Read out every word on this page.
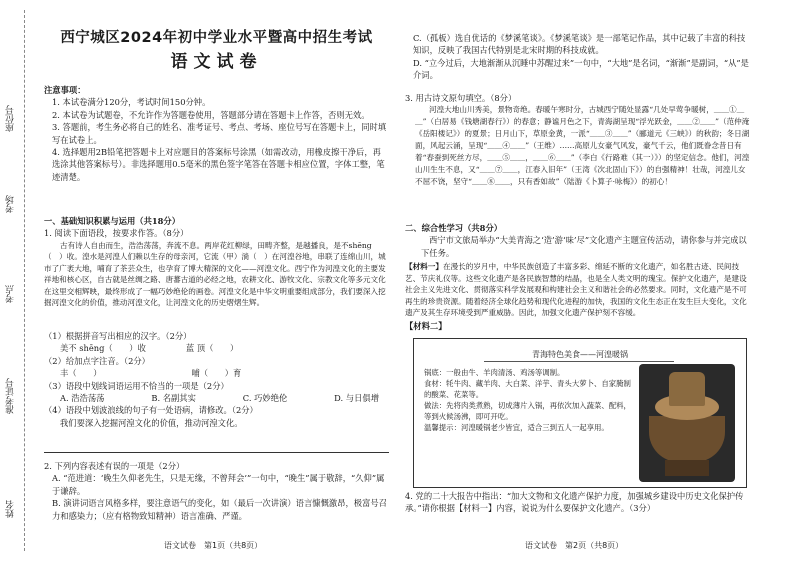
座位号
考场
考点
准考证号
姓名
西宁城区2024年初中学业水平暨高中招生考试
语文试卷

注意事项：

1. 本试卷满分120分，考试时间150分钟。

2. 本试卷为试题卷，不允许作为答题卷使用，答题部分请在答题卡上作答，否则无效。

3. 答题前，考生务必将自己的姓名、准考证号、考点、考场、座位号写在答题卡上，同时填写在试卷上。

4. 选择题用2B铅笔把答题卡上对应题目的答案标号涂黑（如需改动，用橡皮擦干净后，再选涂其他答案标号）。非选择题用0.5毫米的黑色签字笔答在答题卡相应位置，字体工整，笔迹清楚。

一、基础知识积累与运用（共18分）

1. 阅读下面语段，按要求作答。（8分）

古有诗人自由而生，浩浩荡荡，奔流不息。两岸花红柳绿，田畴齐整，是越播良，是不shēng（　）收。湟水是河湟人们赖以生存的母亲河，它流（甲）淌（　）在河湟谷地，串联了连绵山川，城市了广袤大地，哺育了茶芸众生，也孕育了博大精深的文化——河湟文化。西宁作为河湟文化的主要发祥地和核心区，自古就是丝绸之路、唐蕃古道的必经之地，农耕文化、游牧文化、宗教文化等多元文化在这里交相辉映，最终形成了一幅巧妙绝伦的画卷。河湟文化是中华文明重要组成部分，我们要深入挖掘河湟文化的价值，推动河湟文化，让河湟文化的历史熠熠生辉。

（1）根据拼音写出相应的汉字。（2分）

美不 shēng（　　）收	蓝 顶（　　）

（2）给加点字注音。（2分）

丰（　　）	哺（　　）育

（3）语段中划线词语运用不恰当的一项是（2分）

A. 浩浩荡荡	B. 名副其实	C. 巧妙绝伦	D. 与日俱增

（4）语段中划波浪线的句子有一处语病，请修改。（2分）

我们要深入挖掘河湟文化的价值，推动河湟文化。

2. 下列内容表述有误的一项是（2分）

A. “范进道：‘晚生久仰老先生，只是无缘，不曾拜会’”一句中，“晚生”属于敬辞，“久仰”属于谦辞。

B. 演讲词语言风格多样，要注意语气的变化，如（最后一次讲演）语言慷慨激昂，极富号召力和感染力；（应有格物致知精神）语言准确、严谨。

语文试卷　第1页（共8页）

C.（孤板）选自优话的《梦溪笔谈》。《梦溪笔谈》是一部笔记作品，其中记载了丰富的科技知识，反映了我国古代特别是北宋时期的科技成就。

D. “立今过后，大地渐渐从沉睡中苏醒过来”一句中，“大地”是名词，“渐渐”是副词，“从”是介词。

3. 用古诗文原句填空。（8分）

河湟大地山川秀美，景物奇绝。春暖午寒时分，古城西宁随处显露“几处早莺争暖树，＿＿①＿＿”（白居易《钱塘湖春行》）的春意；静谧月色之下，青海湖呈现“浮光跃金，＿＿②＿＿”（范仲淹《岳阳楼记》）的夏景；日月山下，草原金黄，一派“＿＿③＿＿”（郦道元《三峡》）的秋韵；冬日湖面，风起云涌，呈现“＿＿④＿＿”（王维）……高原儿女豪气风发，豪气千云，他们既眷念昔日有着“春蚕到死丝方尽，＿＿⑤＿＿，＿＿⑥＿＿”（李白《行路难（其一）》）的坚定信念。他们，河湟山川生生不息，又“＿＿⑦＿＿，江春入旧年”（王湾《次北固山下》）的自强精神！壮哉，河湟儿女不屈不饶，坚守“＿＿⑧＿＿，只有香如故”（陆游《卜算子·咏梅》）的初心！

二、综合性学习（共8分）

西宁市文旅局举办“大美青海之‘造’游‘味’尽”文化遗产主题宣传活动，请你参与并完成以下任务。

【材料一】在漫长的岁月中，中华民族创造了丰富多彩、绵延不断的文化遗产，如名胜古迹、民间技艺、节庆礼仪等。这些文化遗产是各民族智慧的结晶，也是全人类文明的瑰宝。保护文化遗产，是建设社会主义先进文化、贯彻落实科学发展观和构建社会主义和谐社会的必然要求。同时，文化遗产是不可再生的珍贵资源。随着经济全球化趋势和现代化进程的加快，我国的文化生态正在发生巨大变化，文化遗产及其生存环境受到严重威胁。因此，加强文化遗产保护刻不容缓。

【材料二】

青海特色美食——河湟暖锅

锅底：一般由牛、羊肉清汤、鸡汤等调制。

食材：牦牛肉、藏羊肉、大白菜、洋芋、青头大萝卜、自家腌制的酸菜、花菜等。

做法：先将肉类煮熟，切成薄片入锅，再依次加入蔬菜、配料，等到火候汤沸，即可开吃。

温馨提示：河湟暖锅老少皆宜，适合三到五人一起享用。

4. 党的二十大报告中指出：“加大文物和文化遗产保护力度，加强城乡建设中历史文化保护传承。”请你根据【材料一】内容，说说为什么要保护文化遗产。（3分）

语文试卷　第2页（共8页）
